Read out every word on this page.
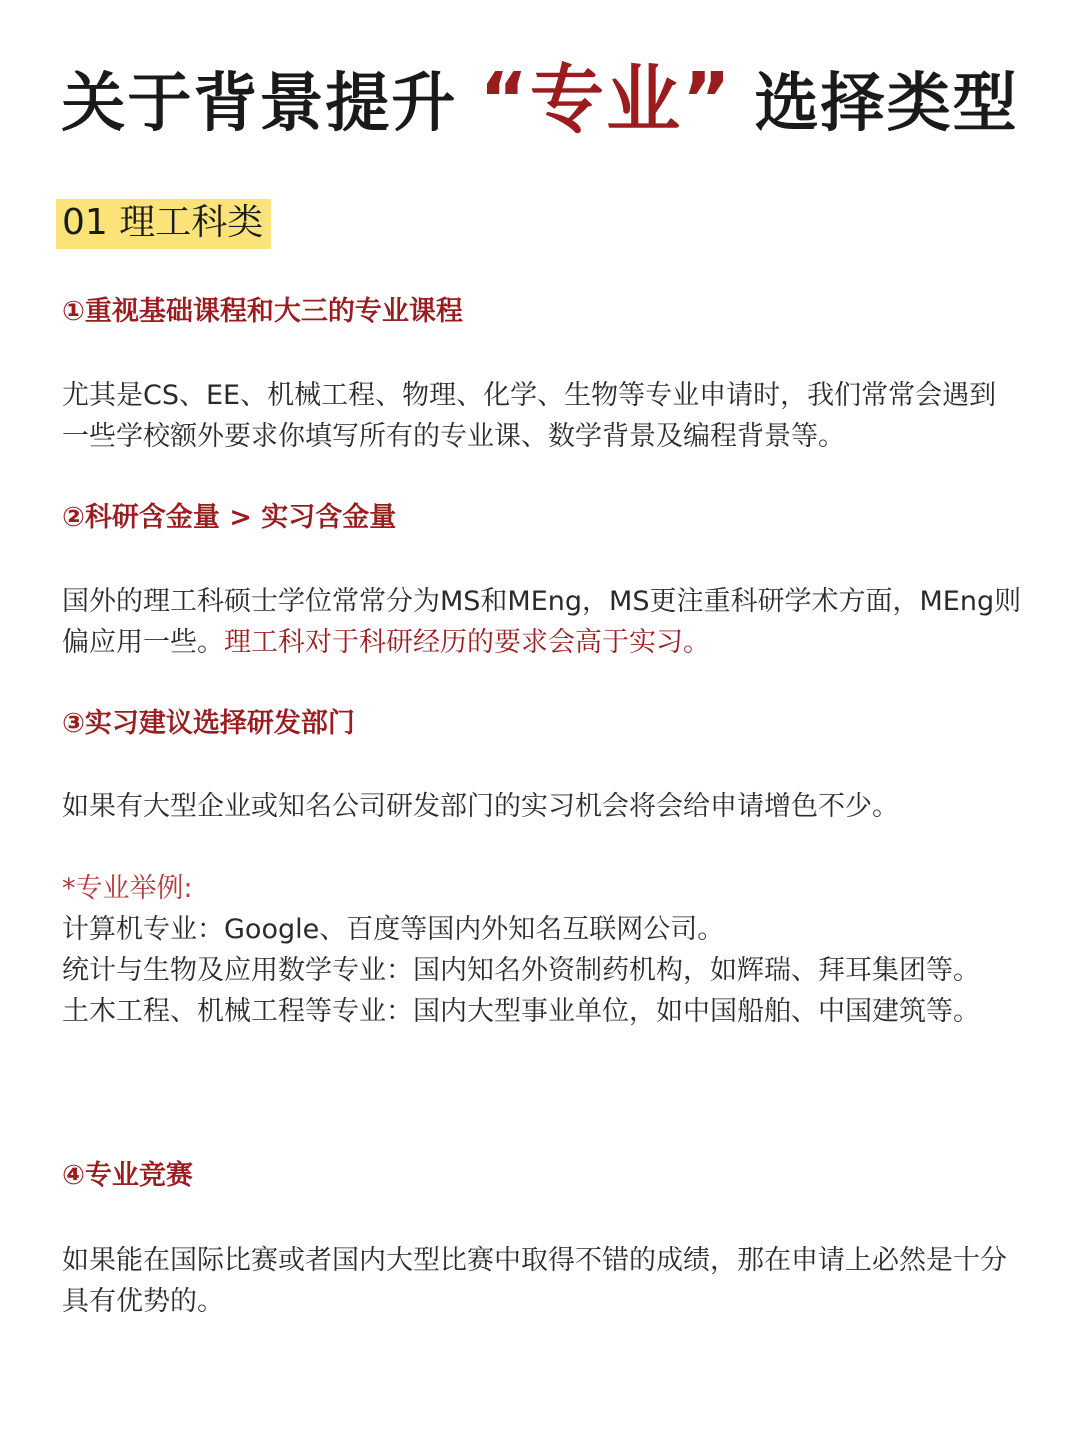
关于背景提升 “专业” 选择类型
01 理工科类
①重视基础课程和大三的专业课程
尤其是CS、EE、机械工程、物理、化学、生物等专业申请时，我们常常会遇到一些学校额外要求你填写所有的专业课、数学背景及编程背景等。
②科研含金量 > 实习含金量
国外的理工科硕士学位常常分为MS和MEng，MS更注重科研学术方面，MEng则偏应用一些。理工科对于科研经历的要求会高于实习。
③实习建议选择研发部门
如果有大型企业或知名公司研发部门的实习机会将会给申请增色不少。
*专业举例:
计算机专业：Google、百度等国内外知名互联网公司。
统计与生物及应用数学专业：国内知名外资制药机构，如辉瑞、拜耳集团等。
土木工程、机械工程等专业：国内大型事业单位，如中国船舶、中国建筑等。
④专业竞赛
如果能在国际比赛或者国内大型比赛中取得不错的成绩，那在申请上必然是十分具有优势的。
